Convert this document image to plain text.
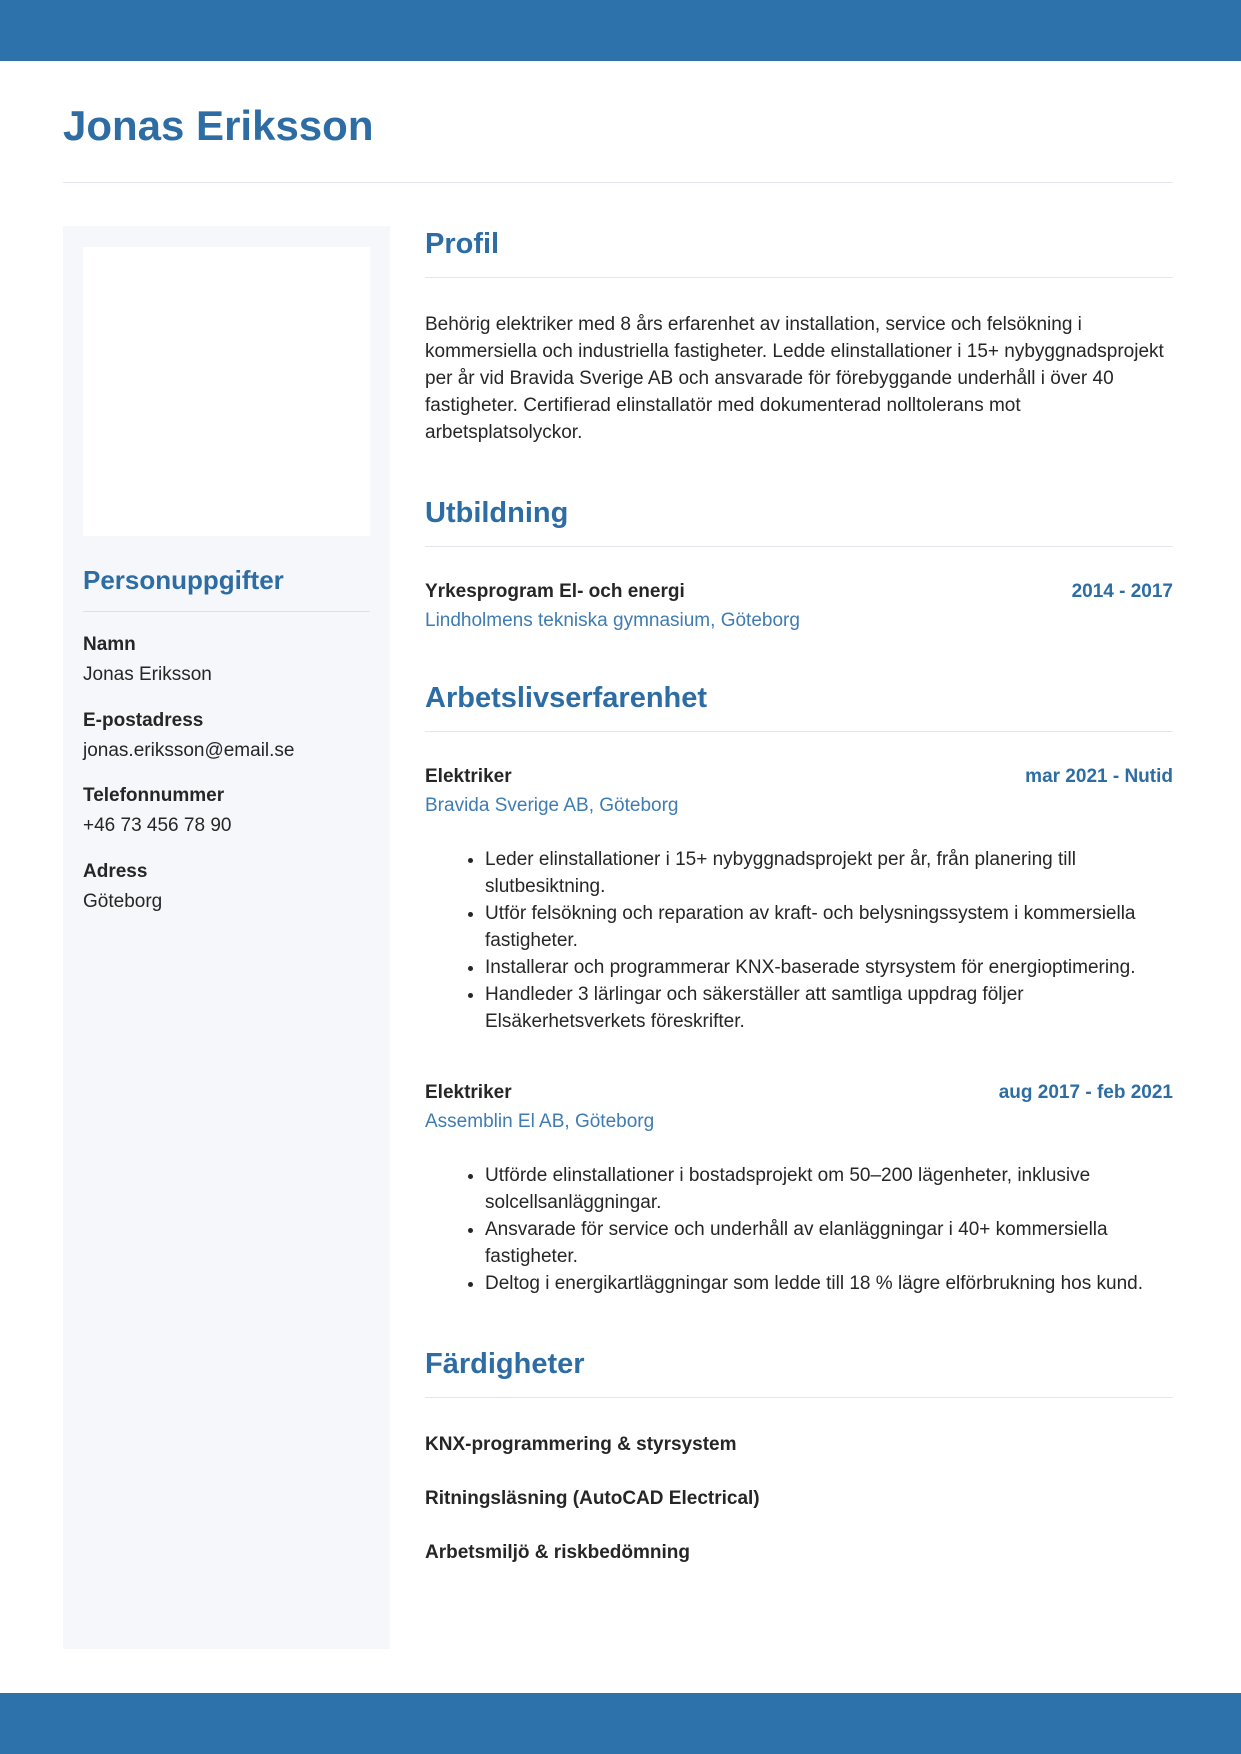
Jonas Eriksson
Personuppgifter
Namn
Jonas Eriksson
E-postadress
jonas.eriksson@email.se
Telefonnummer
+46 73 456 78 90
Adress
Göteborg
Profil

Behörig elektriker med 8 års erfarenhet av installation, service och felsökning i kommersiella och industriella fastigheter. Ledde elinstallationer i 15+ nybyggnadsprojekt per år vid Bravida Sverige AB och ansvarade för förebyggande underhåll i över 40 fastigheter. Certifierad elinstallatör med dokumenterad nolltolerans mot arbetsplatsolyckor.

Utbildning
Yrkesprogram El- och energi	2014 - 2017
Lindholmens tekniska gymnasium, Göteborg
Arbetslivserfarenhet
Elektriker	mar 2021 - Nutid
Bravida Sverige AB, Göteborg
• Leder elinstallationer i 15+ nybyggnadsprojekt per år, från planering till slutbesiktning.
• Utför felsökning och reparation av kraft- och belysningssystem i kommersiella fastigheter.
• Installerar och programmerar KNX-baserade styrsystem för energioptimering.
• Handleder 3 lärlingar och säkerställer att samtliga uppdrag följer Elsäkerhetsverkets föreskrifter.
Elektriker	aug 2017 - feb 2021
Assemblin El AB, Göteborg
• Utförde elinstallationer i bostadsprojekt om 50–200 lägenheter, inklusive solcellsanläggningar.
• Ansvarade för service och underhåll av elanläggningar i 40+ kommersiella fastigheter.
• Deltog i energikartläggningar som ledde till 18 % lägre elförbrukning hos kund.
Färdigheter
KNX-programmering & styrsystem
Ritningsläsning (AutoCAD Electrical)
Arbetsmiljö & riskbedömning
